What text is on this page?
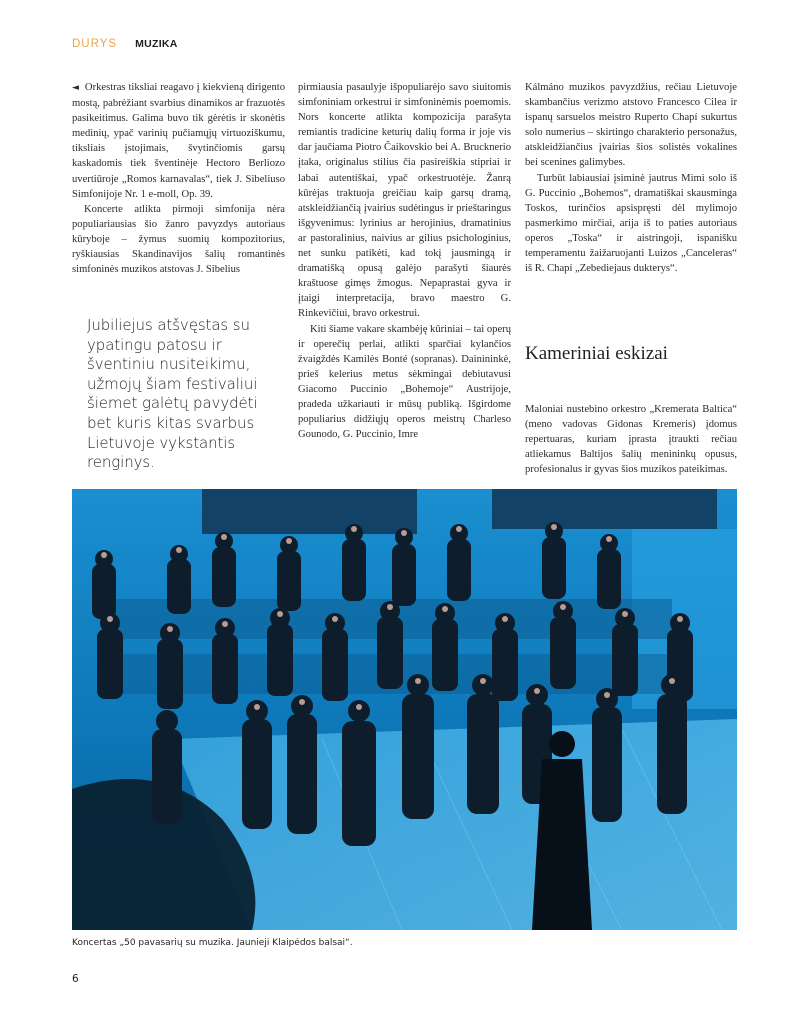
DURYS MUZIKA

◄ Orkestras tiksliai reagavo į kiekvieną dirigento mostą, pabrėžiant svarbius dinamikos ar frazuotės pasikeitimus. Galima buvo tik gėrėtis ir skonėtis medinių, ypač varinių pučiamųjų virtuoziškumu, tiksliais įstojimais, švytinčiomis garsų kaskadomis tiek šventinėje Hectoro Berliozo uvertiūroje „Romos karnavalas“, tiek J. Sibeliuso Simfonijoje Nr. 1 e-moll, Op. 39.

Koncerte atlikta pirmoji simfonija nėra populiariausias šio žanro pavyzdys autoriaus kūryboje – žymus suomių kompozitorius, ryškiausias Skandinavijos šalių romantinės simfoninės muzikos atstovas J. Sibelius

Jubiliejus atšvęstas su ypatingu patosu ir šventiniu nusiteikimu, užmojų šiam festivaliui šiemet galėtų pavydėti bet kuris kitas svarbus Lietuvoje vykstantis renginys.

pirmiausia pasaulyje išpopuliarėjo savo siuitomis simfoniniam orkestrui ir simfoninėmis poemomis. Nors koncerte atlikta kompozicija parašyta remiantis tradicine keturių dalių forma ir joje vis dar jaučiama Piotro Čaikovskio bei A. Brucknerio įtaka, originalus stilius čia pasireiškia stipriai ir labai autentiškai, ypač orkestruotėje. Žanrą kūrėjas traktuoja greičiau kaip garsų dramą, atskleidžiančią įvairius sudėtingus ir prieštaringus išgyvenimus: lyrinius ar herojinius, dramatinius ar pastoralinius, naivius ar gilius psichologinius, net sunku patikėti, kad tokį jausmingą ir dramatišką opusą galėjo parašyti šiaurės kraštuose gimęs žmogus. Nepaprastai gyva ir įtaigi interpretacija, bravo maestro G. Rinkevičiui, bravo orkestrui.

Kiti šiame vakare skambėję kūriniai – tai operų ir operečių perlai, atlikti sparčiai kylančios žvaigždės Kamilės Bonté (sopranas). Dainininkė, prieš kelerius metus sėkmingai debiutavusi Giacomo Puccinio „Bohemoje“ Austrijoje, pradeda užkariauti ir mūsų publiką. Išgirdome populiarius didžiųjų operos meistrų Charleso Gounodo, G. Puccinio, Imre

Kálmáno muzikos pavyzdžius, rečiau Lietuvoje skambančius verizmo atstovo Francesco Cilea ir ispanų sarsuelos meistro Ruperto Chapí sukurtus solo numerius – skirtingo charakterio personažus, atskleidžiančius įvairias šios solistės vokalines bei scenines galimybes.

Turbūt labiausiai įsiminė jautrus Mimi solo iš G. Puccinio „Bohemos“, dramatiškai skausminga Toskos, turinčios apsispręsti dėl mylimojo pasmerkimo mirčiai, arija iš to paties autoriaus operos „Toska“ ir aistringoji, ispanišku temperamentu žaižaruojanti Luizos „Canceleras“ iš R. Chapí „Zebediejaus dukterys“.

Kameriniai eskizai

Maloniai nustebino orkestro „Kremerata Baltica“ (meno vadovas Gidonas Kremeris) įdomus repertuaras, kuriam įprasta įtraukti rečiau atliekamus Baltijos šalių menininkų opusus, profesionalus ir gyvas šios muzikos pateikimas.

Koncertas „50 pavasarių su muzika. Jaunieji Klaipėdos balsai“.
6
